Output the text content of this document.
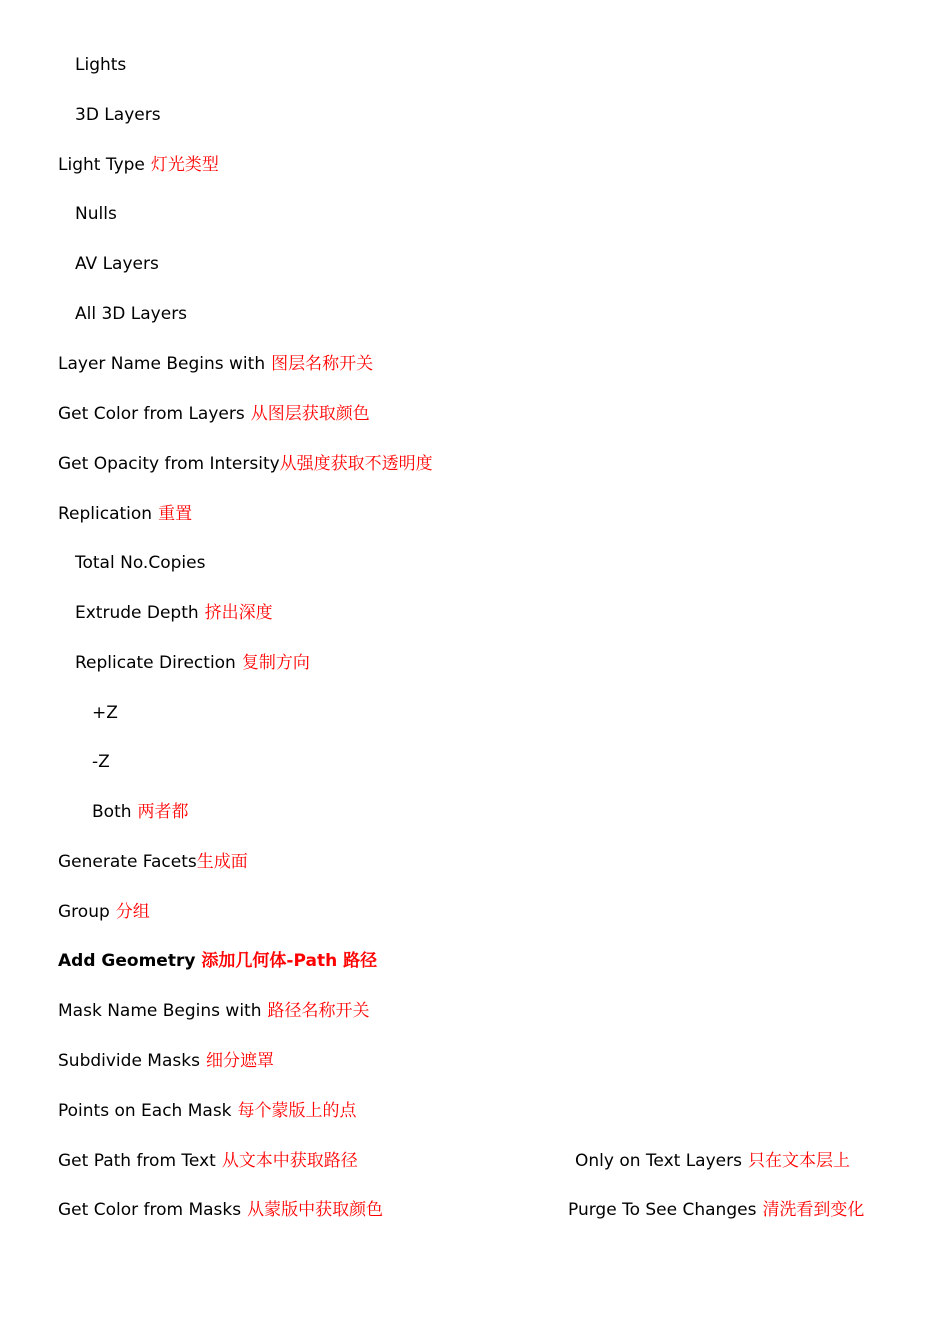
Lights
3D Layers
Light Type 灯光类型
Nulls
AV Layers
All 3D Layers
Layer Name Begins with 图层名称开关
Get Color from Layers 从图层获取颜色
Get Opacity from Intersity从强度获取不透明度
Replication 重置
Total No.Copies
Extrude Depth 挤出深度
Replicate Direction 复制方向
+Z
-Z
Both 两者都
Generate Facets生成面
Group 分组
Add Geometry 添加几何体-Path 路径
Mask Name Begins with 路径名称开关
Subdivide Masks 细分遮罩
Points on Each Mask 每个蒙版上的点
Get Path from Text 从文本中获取路径	Only on Text Layers 只在文本层上
Get Color from Masks 从蒙版中获取颜色	Purge To See Changes 清洗看到变化
